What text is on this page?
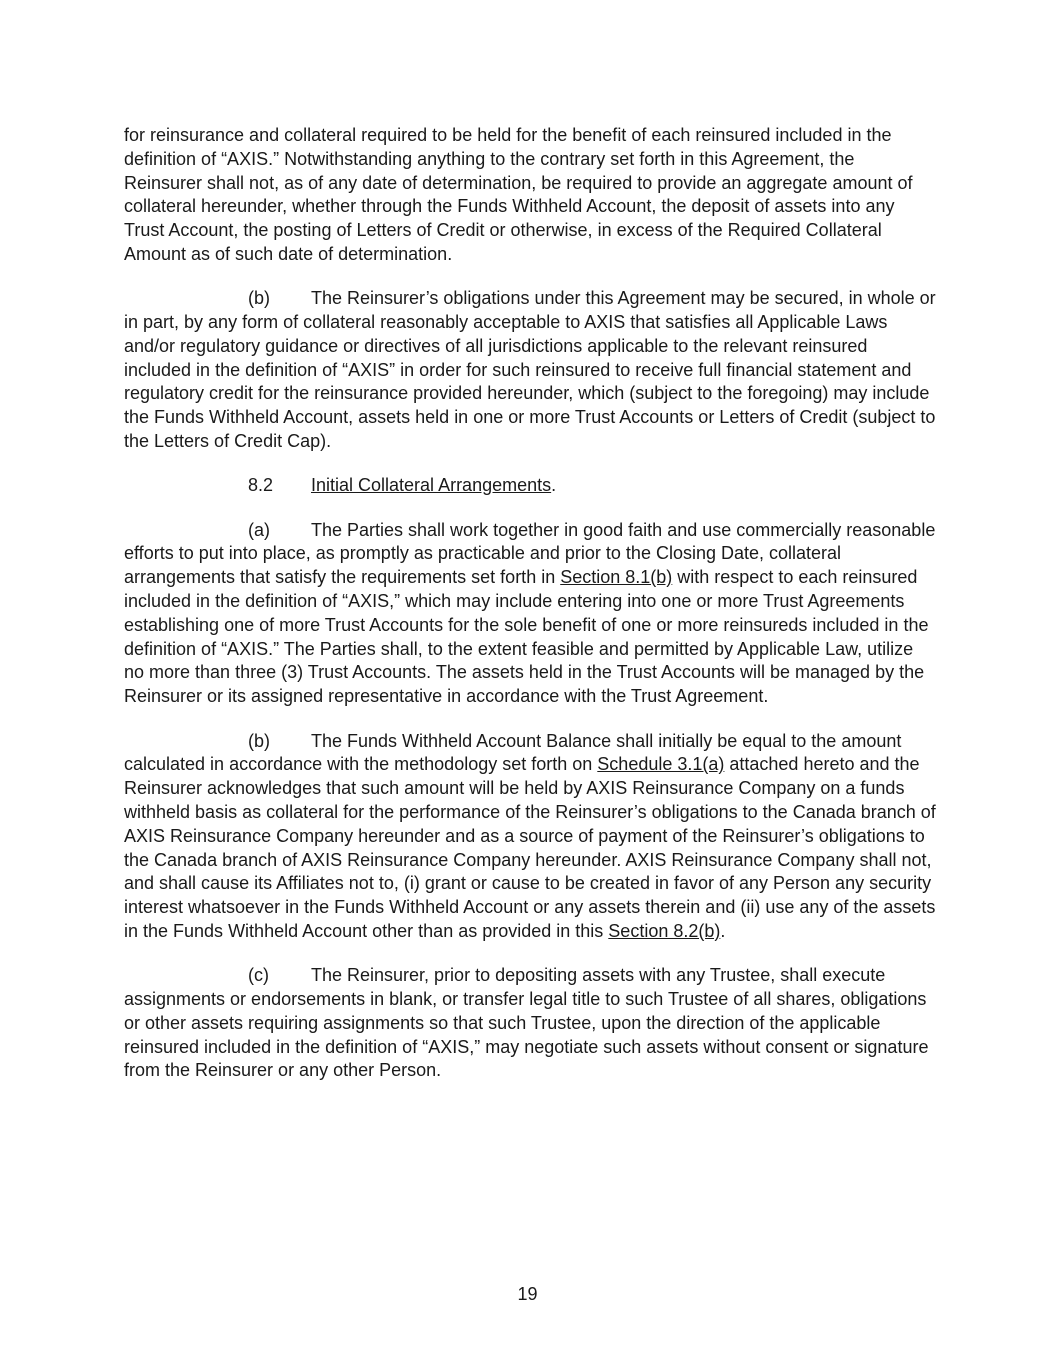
for reinsurance and collateral required to be held for the benefit of each reinsured included in the definition of “AXIS.” Notwithstanding anything to the contrary set forth in this Agreement, the Reinsurer shall not, as of any date of determination, be required to provide an aggregate amount of collateral hereunder, whether through the Funds Withheld Account, the deposit of assets into any Trust Account, the posting of Letters of Credit or otherwise, in excess of the Required Collateral Amount as of such date of determination.

(b) The Reinsurer’s obligations under this Agreement may be secured, in whole or in part, by any form of collateral reasonably acceptable to AXIS that satisfies all Applicable Laws and/or regulatory guidance or directives of all jurisdictions applicable to the relevant reinsured included in the definition of “AXIS” in order for such reinsured to receive full financial statement and regulatory credit for the reinsurance provided hereunder, which (subject to the foregoing) may include the Funds Withheld Account, assets held in one or more Trust Accounts or Letters of Credit (subject to the Letters of Credit Cap).

8.2 Initial Collateral Arrangements.

(a) The Parties shall work together in good faith and use commercially reasonable efforts to put into place, as promptly as practicable and prior to the Closing Date, collateral arrangements that satisfy the requirements set forth in Section 8.1(b) with respect to each reinsured included in the definition of “AXIS,” which may include entering into one or more Trust Agreements establishing one of more Trust Accounts for the sole benefit of one or more reinsureds included in the definition of “AXIS.” The Parties shall, to the extent feasible and permitted by Applicable Law, utilize no more than three (3) Trust Accounts. The assets held in the Trust Accounts will be managed by the Reinsurer or its assigned representative in accordance with the Trust Agreement.

(b) The Funds Withheld Account Balance shall initially be equal to the amount calculated in accordance with the methodology set forth on Schedule 3.1(a) attached hereto and the Reinsurer acknowledges that such amount will be held by AXIS Reinsurance Company on a funds withheld basis as collateral for the performance of the Reinsurer’s obligations to the Canada branch of AXIS Reinsurance Company hereunder and as a source of payment of the Reinsurer’s obligations to the Canada branch of AXIS Reinsurance Company hereunder. AXIS Reinsurance Company shall not, and shall cause its Affiliates not to, (i) grant or cause to be created in favor of any Person any security interest whatsoever in the Funds Withheld Account or any assets therein and (ii) use any of the assets in the Funds Withheld Account other than as provided in this Section 8.2(b).

(c) The Reinsurer, prior to depositing assets with any Trustee, shall execute assignments or endorsements in blank, or transfer legal title to such Trustee of all shares, obligations or other assets requiring assignments so that such Trustee, upon the direction of the applicable reinsured included in the definition of “AXIS,” may negotiate such assets without consent or signature from the Reinsurer or any other Person.

19
